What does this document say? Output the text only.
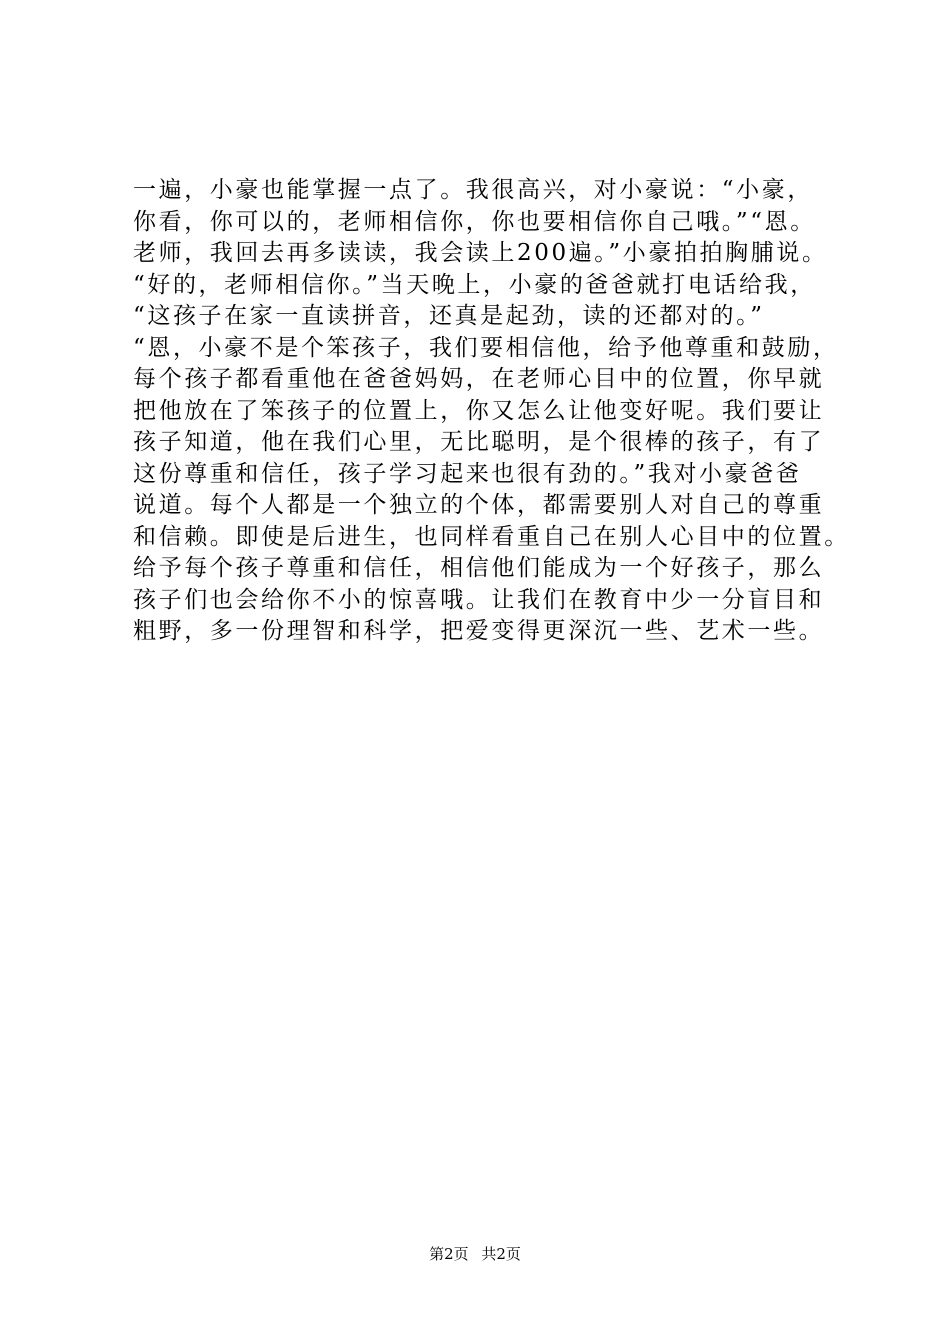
一遍，小豪也能掌握一点了。我很高兴，对小豪说：“小豪，
你看，你可以的，老师相信你，你也要相信你自己哦。”“恩。
老师，我回去再多读读，我会读上200遍。”小豪拍拍胸脯说。
“好的，老师相信你。”当天晚上，小豪的爸爸就打电话给我，
“这孩子在家一直读拼音，还真是起劲，读的还都对的。”
“恩，小豪不是个笨孩子，我们要相信他，给予他尊重和鼓励，
每个孩子都看重他在爸爸妈妈，在老师心目中的位置，你早就
把他放在了笨孩子的位置上，你又怎么让他变好呢。我们要让
孩子知道，他在我们心里，无比聪明，是个很棒的孩子，有了
这份尊重和信任，孩子学习起来也很有劲的。”我对小豪爸爸
说道。每个人都是一个独立的个体，都需要别人对自己的尊重
和信赖。即使是后进生，也同样看重自己在别人心目中的位置。
给予每个孩子尊重和信任，相信他们能成为一个好孩子，那么
孩子们也会给你不小的惊喜哦。让我们在教育中少一分盲目和
粗野，多一份理智和科学，把爱变得更深沉一些、艺术一些。
第2页 共2页
